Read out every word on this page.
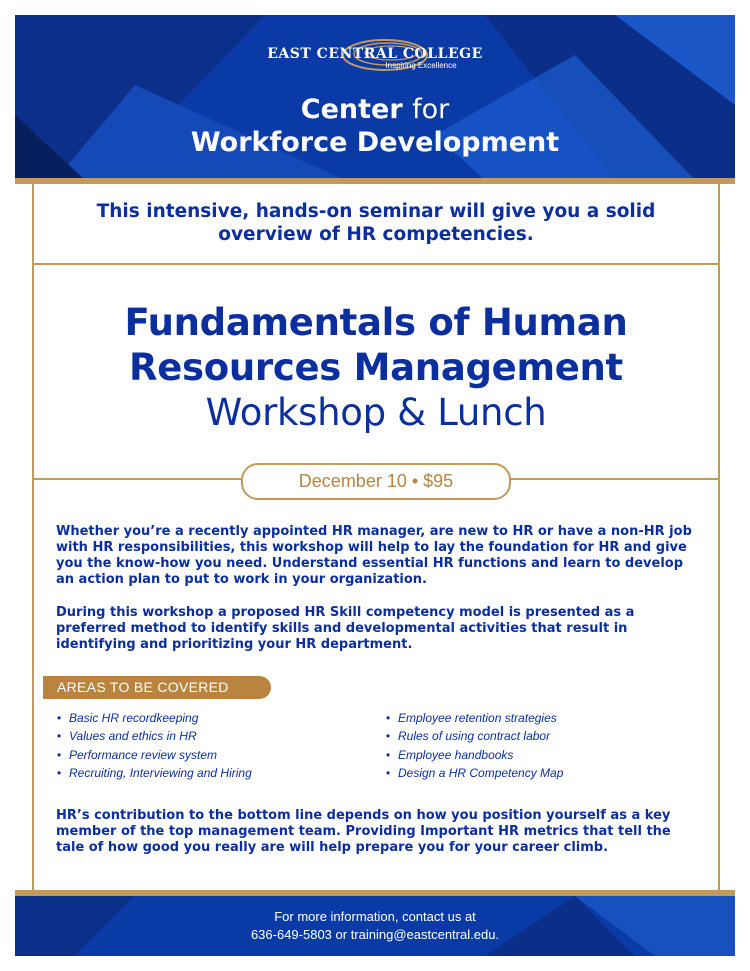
EAST CENTRAL COLLEGE
Inspiring Excellence
Center for
Workforce Development
This intensive, hands-on seminar will give you a solid
overview of HR competencies.
Fundamentals of Human
Resources Management
Workshop & Lunch
December 10 • $95
Whether you’re a recently appointed HR manager, are new to HR or have a non-HR job with HR responsibilities, this workshop will help to lay the foundation for HR and give you the know-how you need. Understand essential HR functions and learn to develop an action plan to put to work in your organization.
During this workshop a proposed HR Skill competency model is presented as a preferred method to identify skills and developmental activities that result in identifying and prioritizing your HR department.
AREAS TO BE COVERED
• Basic HR recordkeeping
• Values and ethics in HR
• Performance review system
• Recruiting, Interviewing and Hiring
• Employee retention strategies
• Rules of using contract labor
• Employee handbooks
• Design a HR Competency Map
HR’s contribution to the bottom line depends on how you position yourself as a key member of the top management team. Providing Important HR metrics that tell the tale of how good you really are will help prepare you for your career climb.
For more information, contact us at
636-649-5803 or training@eastcentral.edu.
